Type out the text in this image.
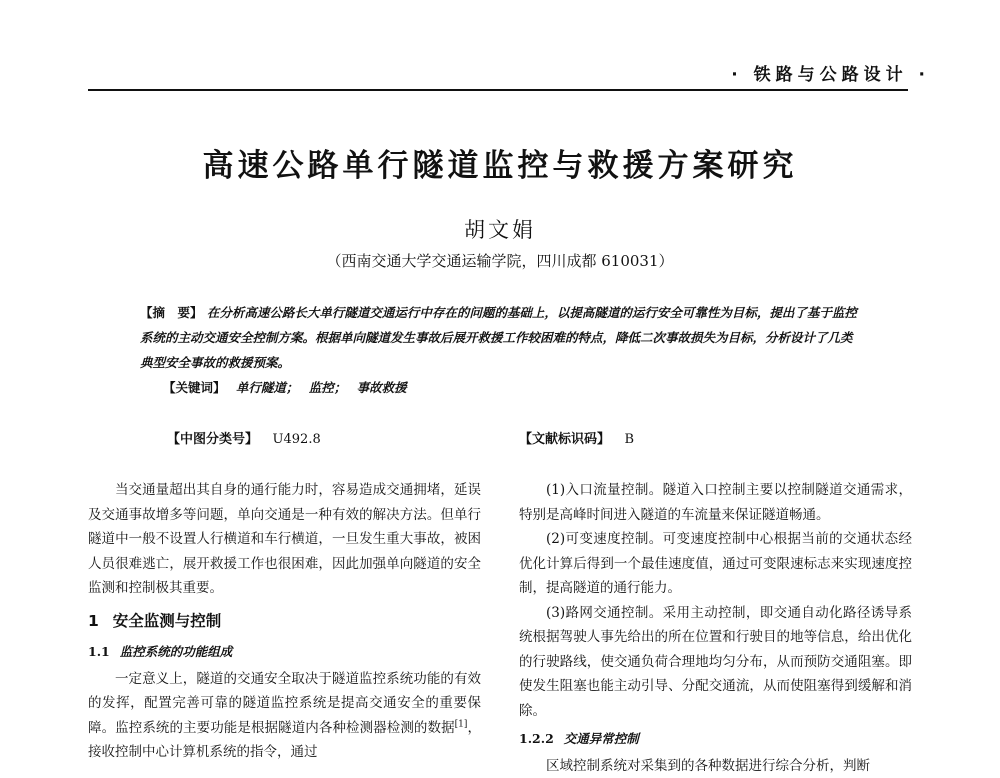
· 铁路与公路设计 ·
高速公路单行隧道监控与救援方案研究
胡文娟
（西南交通大学交通运输学院，四川成都 610031）
【摘　要】 在分析高速公路长大单行隧道交通运行中存在的问题的基础上，以提高隧道的运行安全可靠性为目标，提出了基于监控系统的主动交通安全控制方案。根据单向隧道发生事故后展开救援工作较困难的特点，降低二次事故损失为目标，分析设计了几类典型安全事故的救援预案。
【关键词】 单行隧道； 监控； 事故救援
【中图分类号】 U492.8	【文献标识码】 B

当交通量超出其自身的通行能力时，容易造成交通拥堵，延误及交通事故增多等问题，单向交通是一种有效的解决方法。但单行隧道中一般不设置人行横道和车行横道，一旦发生重大事故，被困人员很难逃亡，展开救援工作也很困难，因此加强单向隧道的安全监测和控制极其重要。

1 安全监测与控制
1.1 监控系统的功能组成

一定意义上，隧道的交通安全取决于隧道监控系统功能的有效的发挥，配置完善可靠的隧道监控系统是提高交通安全的重要保障。监控系统的主要功能是根据隧道内各种检测器检测的数据[1]，接收控制中心计算机系统的指令，通过

(1)入口流量控制。隧道入口控制主要以控制隧道交通需求，特别是高峰时间进入隧道的车流量来保证隧道畅通。

(2)可变速度控制。可变速度控制中心根据当前的交通状态经优化计算后得到一个最佳速度值，通过可变限速标志来实现速度控制，提高隧道的通行能力。

(3)路网交通控制。采用主动控制，即交通自动化路径诱导系统根据驾驶人事先给出的所在位置和行驶目的地等信息，给出优化的行驶路线，使交通负荷合理地均匀分布，从而预防交通阻塞。即使发生阻塞也能主动引导、分配交通流，从而使阻塞得到缓解和消除。

1.2.2 交通异常控制

区域控制系统对采集到的各种数据进行综合分析，判断
